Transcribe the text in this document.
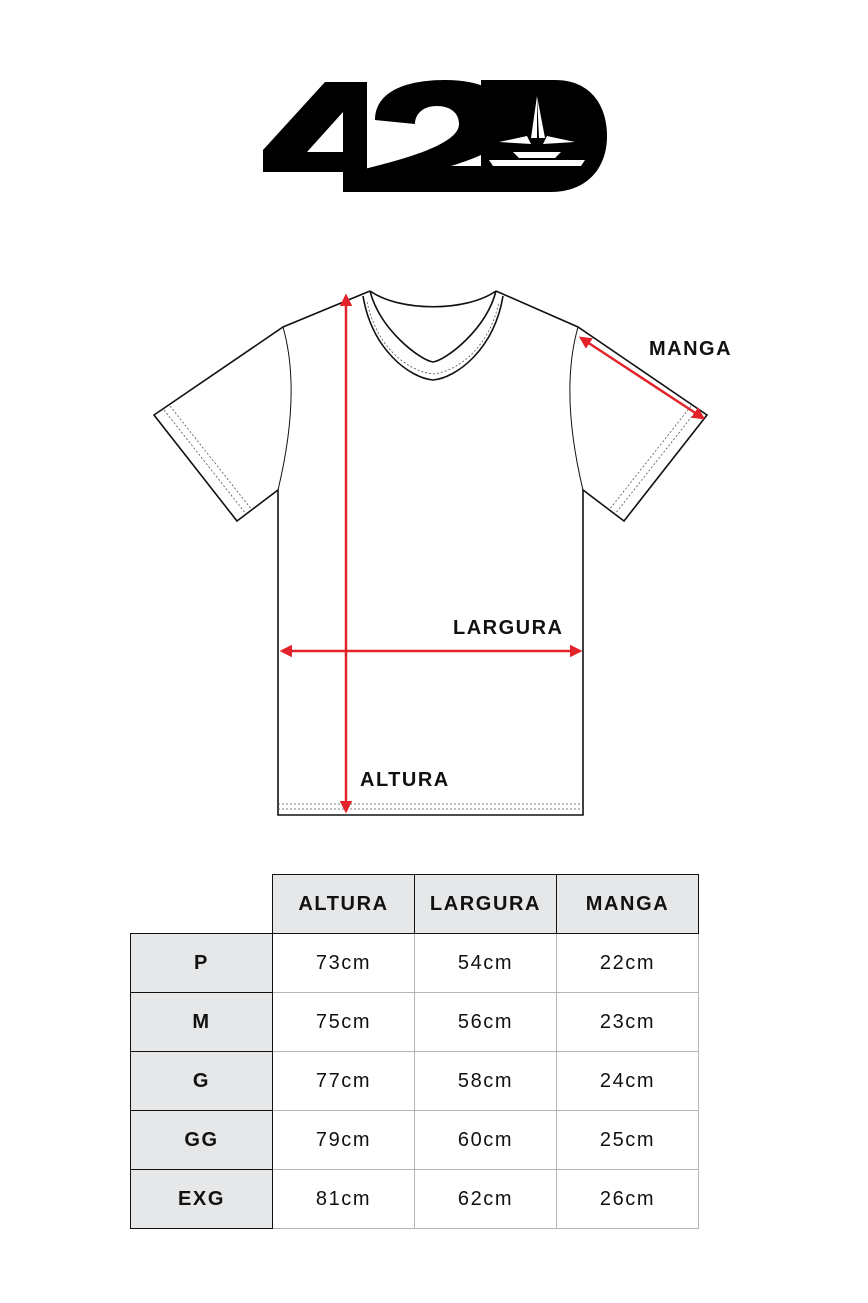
MANGA
LARGURA
ALTURA
	ALTURA	LARGURA	MANGA
P	73cm	54cm	22cm
M	75cm	56cm	23cm
G	77cm	58cm	24cm
GG	79cm	60cm	25cm
EXG	81cm	62cm	26cm
